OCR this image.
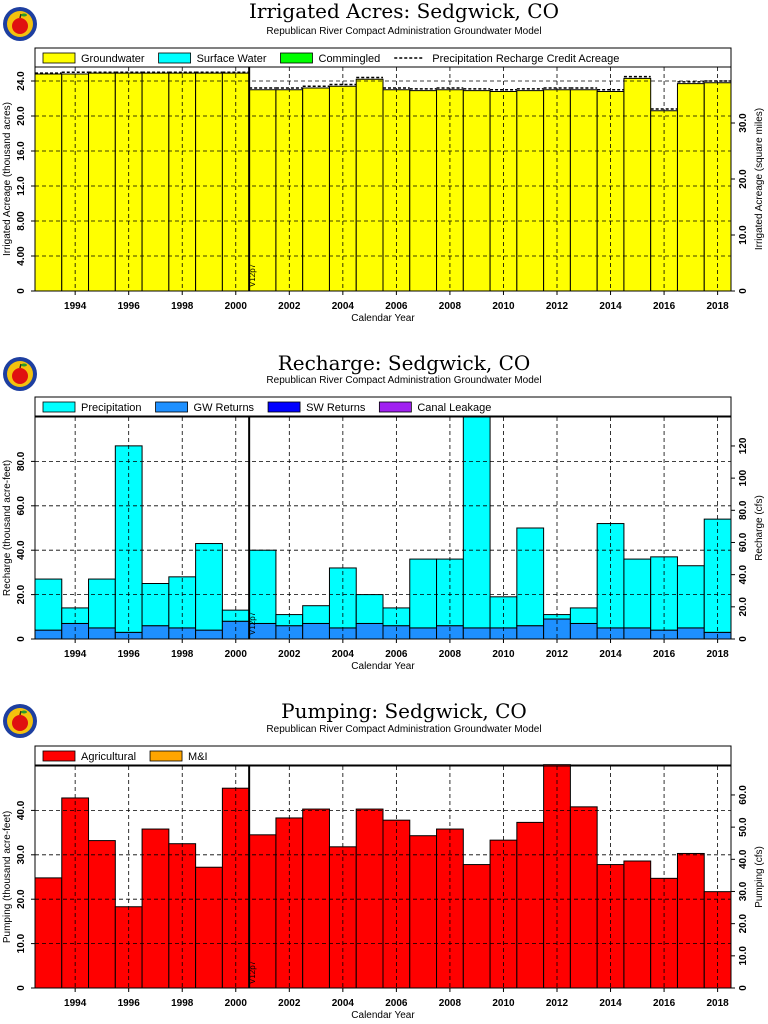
Irrigated Acres: Sedgwick, CO
Republican River Compact Administration Groundwater Model
Groundwater	Surface Water	Commingled	Precipitation Recharge Credit Acreage
V12p7
0
4.00
8.00
12.0
16.0
20.0
24.0
0
10.0
20.0
30.0
1994	1996	1998	2000	2002	2004	2006	2008	2010	2012	2014	2016	2018
Calendar Year
Irrigated Acreage (thousand acres)	Irrigated Acreage (square miles)
Recharge: Sedgwick, CO
Republican River Compact Administration Groundwater Model
Precipitation	GW Returns	SW Returns	Canal Leakage
V12p7
0
20.0
40.0
60.0
80.0
0
20.0
40.0
60.0
80.0
100
120
1994	1996	1998	2000	2002	2004	2006	2008	2010	2012	2014	2016	2018
Calendar Year
Recharge (thousand acre-feet)	Recharge (cfs)
Pumping: Sedgwick, CO
Republican River Compact Administration Groundwater Model
Agricultural	M&I
V12p7
0
10.0
20.0
30.0
40.0
0
10.0
20.0
30.0
40.0
50.0
60.0
1994	1996	1998	2000	2002	2004	2006	2008	2010	2012	2014	2016	2018
Calendar Year
Pumping (thousand acre-feet)	Pumping (cfs)
